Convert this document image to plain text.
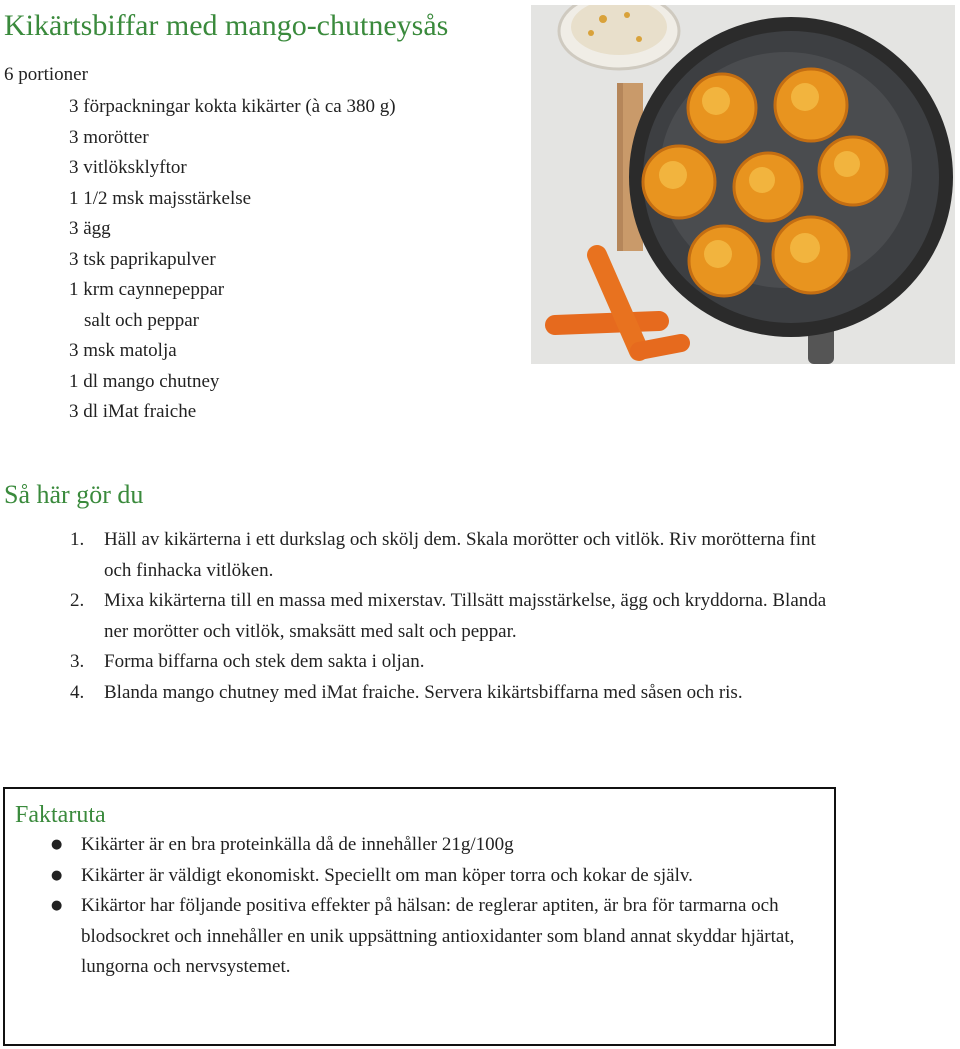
Kikärtsbiffar med mango-chutneysås
6 portioner
3 förpackningar kokta kikärter (à ca 380 g)
3 morötter
3 vitlöksklyftor
1 1/2 msk majsstärkelse
3 ägg
3 tsk paprikapulver
1 krm caynnepeppar
salt och peppar
3 msk matolja
1 dl mango chutney
3 dl iMat fraiche
Så här gör du
1. Häll av kikärterna i ett durkslag och skölj dem. Skala morötter och vitlök. Riv morötterna fint och finhacka vitlöken.
2. Mixa kikärterna till en massa med mixerstav. Tillsätt majsstärkelse, ägg och kryddorna. Blanda ner morötter och vitlök, smaksätt med salt och peppar.
3. Forma biffarna och stek dem sakta i oljan.
4. Blanda mango chutney med iMat fraiche. Servera kikärtsbiffarna med såsen och ris.
Faktaruta
● Kikärter är en bra proteinkälla då de innehåller 21g/100g
● Kikärter är väldigt ekonomiskt. Speciellt om man köper torra och kokar de själv.
● Kikärtor har följande positiva effekter på hälsan: de reglerar aptiten, är bra för tarmarna och blodsockret och innehåller en unik uppsättning antioxidanter som bland annat skyddar hjärtat, lungorna och nervsystemet.
